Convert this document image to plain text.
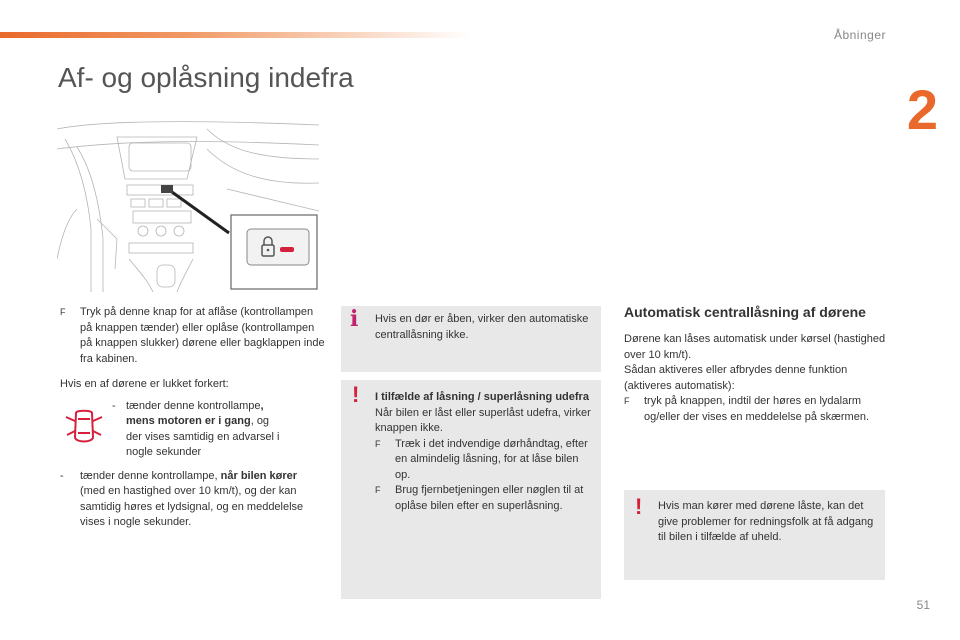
Åbninger
2
Af- og oplåsning indefra
F	Tryk på denne knap for at aflåse (kontrollampen på knappen tænder) eller oplåse (kontrollampen på knappen slukker) dørene eller bagklappen inde fra kabinen.
Hvis en af dørene er lukket forkert:
- tænder denne kontrollampe, mens motoren er i gang, og der vises samtidig en advarsel i nogle sekunder
-	tænder denne kontrollampe, når bilen kører (med en hastighed over 10 km/t), og der kan samtidig høres et lydsignal, og en meddelelse vises i nogle sekunder.
i Hvis en dør er åben, virker den automatiske centrallåsning ikke.
! I tilfælde af låsning / superlåsning udefra
Når bilen er låst eller superlåst udefra, virker knappen ikke.
F	Træk i det indvendige dørhåndtag, efter en almindelig låsning, for at låse bilen op.
F	Brug fjernbetjeningen eller nøglen til at oplåse bilen efter en superlåsning.
Automatisk centrallåsning af dørene
Dørene kan låses automatisk under kørsel (hastighed over 10 km/t).
Sådan aktiveres eller afbrydes denne funktion (aktiveres automatisk):
F	tryk på knappen, indtil der høres en lydalarm og/eller der vises en meddelelse på skærmen.
! Hvis man kører med dørene låste, kan det give problemer for redningsfolk at få adgang til bilen i tilfælde af uheld.
51
